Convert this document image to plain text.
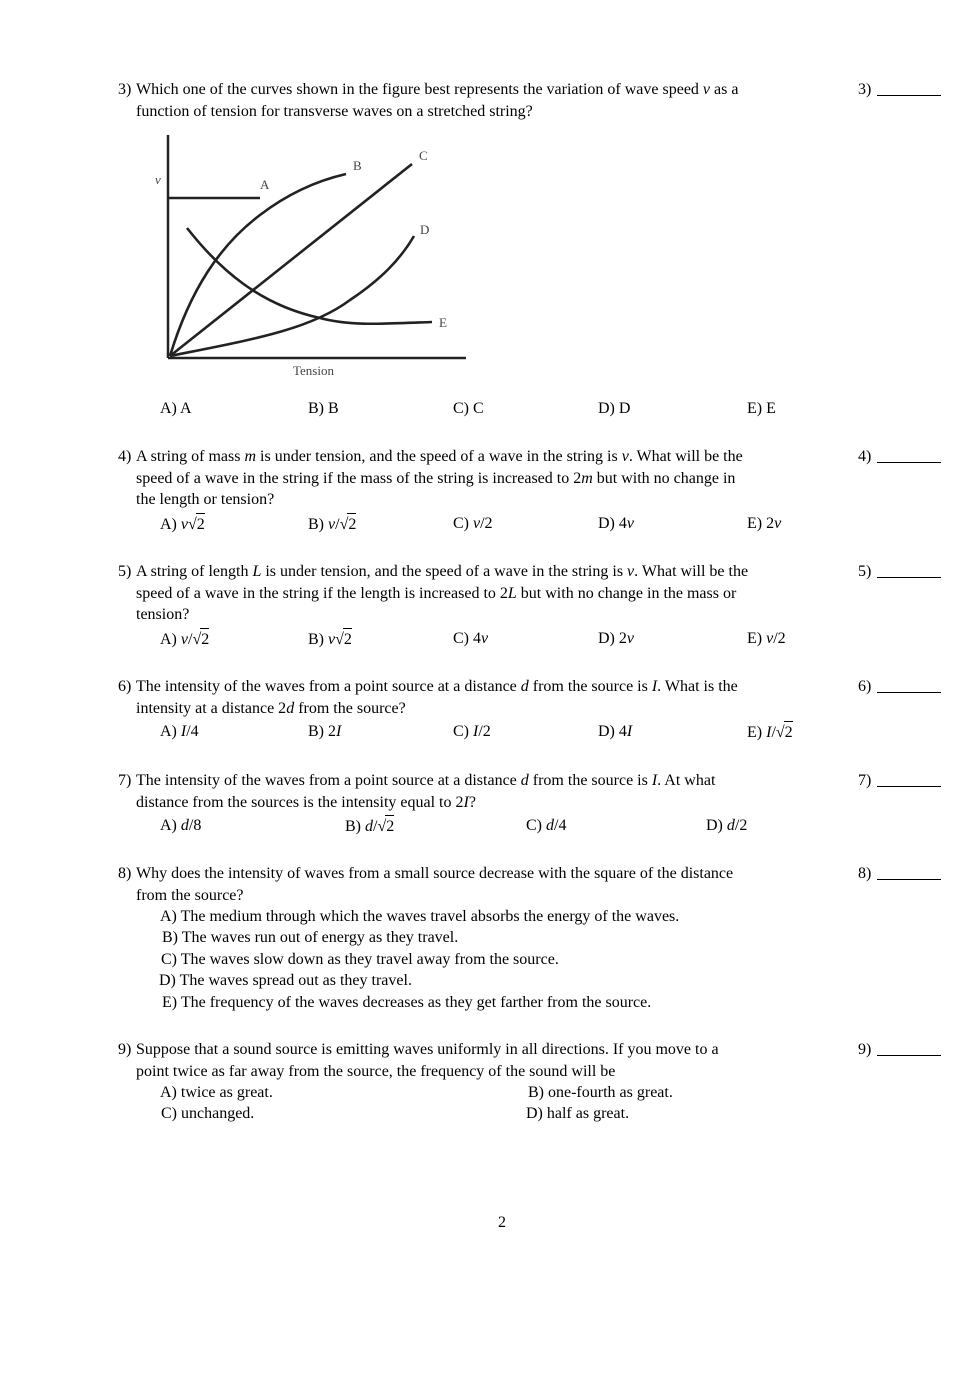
3) Which one of the curves shown in the figure best represents the variation of wave speed v as a
function of tension for transverse waves on a stretched string?
3)
v
Tension
A
B
C
D
E
A) A	B) B	C) C	D) D	E) E
4) A string of mass m is under tension, and the speed of a wave in the string is v. What will be the
speed of a wave in the string if the mass of the string is increased to 2m but with no change in
the length or tension?
4)
A) v√2	B) v/√2	C) v/2	D) 4v	E) 2v
5) A string of length L is under tension, and the speed of a wave in the string is v. What will be the
speed of a wave in the string if the length is increased to 2L but with no change in the mass or
tension?
5)
A) v/√2	B) v√2	C) 4v	D) 2v	E) v/2
6) The intensity of the waves from a point source at a distance d from the source is I. What is the
intensity at a distance 2d from the source?
6)
A) I/4	B) 2I	C) I/2	D) 4I	E) I/√2
7) The intensity of the waves from a point source at a distance d from the source is I. At what
distance from the sources is the intensity equal to 2I?
7)
A) d/8	B) d/√2	C) d/4	D) d/2
8) Why does the intensity of waves from a small source decrease with the square of the distance
from the source?
8)
A) The medium through which the waves travel absorbs the energy of the waves.
B) The waves run out of energy as they travel.
C) The waves slow down as they travel away from the source.
D) The waves spread out as they travel.
E) The frequency of the waves decreases as they get farther from the source.
9) Suppose that a sound source is emitting waves uniformly in all directions. If you move to a
point twice as far away from the source, the frequency of the sound will be
9)
A) twice as great.	B) one-fourth as great.
C) unchanged.	D) half as great.
2
